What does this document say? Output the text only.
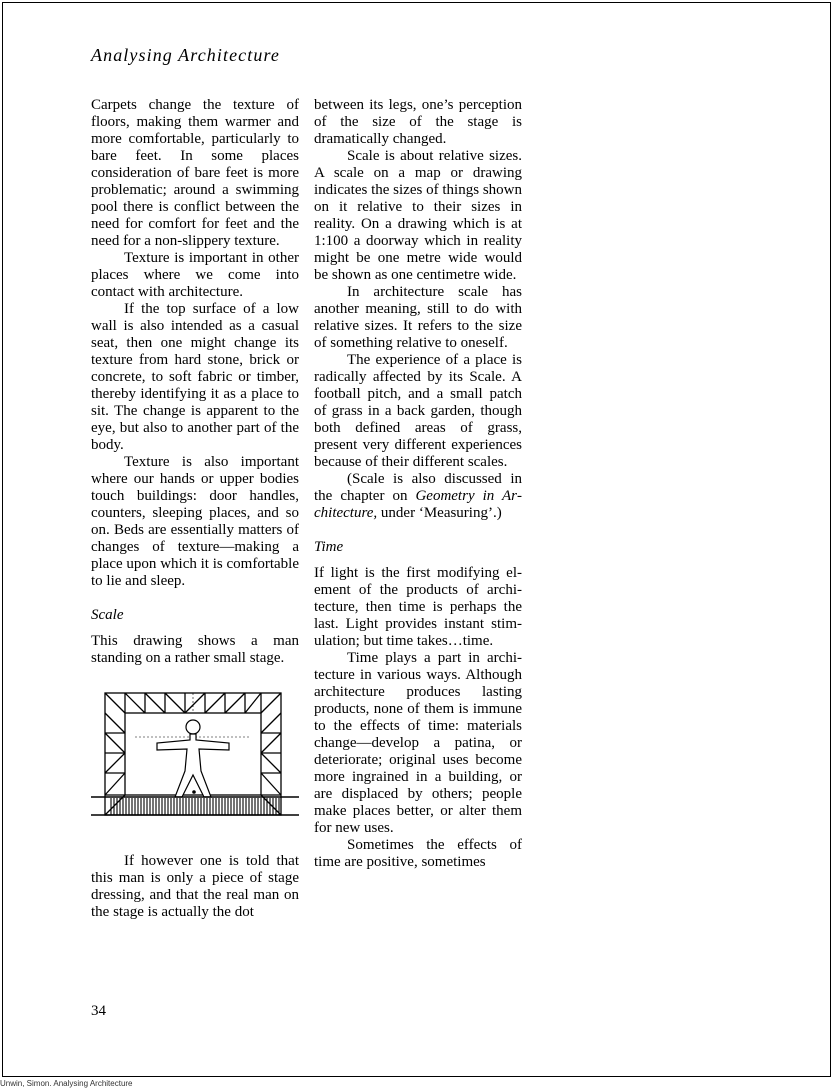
Analysing Architecture

Carpets change the texture of floors, making them warmer and more comfortable, particularly to bare feet. In some places consideration of bare feet is more problematic; around a swimming pool there is conflict between the need for comfort for feet and the need for a non-slippery texture.

Texture is important in other places where we come into contact with architecture.

If the top surface of a low wall is also intended as a casual seat, then one might change its texture from hard stone, brick or concrete, to soft fabric or timber, thereby identifying it as a place to sit. The change is apparent to the eye, but also to another part of the body.

Texture is also important where our hands or upper bodies touch buildings: door handles, counters, sleeping places, and so on. Beds are essentially matters of changes of texture—making a place upon which it is comfortable to lie and sleep.

Scale

This drawing shows a man standing on a rather small stage.

If however one is told that this man is only a piece of stage dressing, and that the real man on the stage is actually the dot

between its legs, one’s perception of the size of the stage is dramatically changed.

Scale is about relative sizes. A scale on a map or drawing indicates the sizes of things shown on it relative to their sizes in reality. On a drawing which is at 1:100 a doorway which in reality might be one metre wide would be shown as one centimetre wide.

In architecture scale has another meaning, still to do with relative sizes. It refers to the size of something relative to oneself.

The experience of a place is radically affected by its Scale. A football pitch, and a small patch of grass in a back garden, though both defined areas of grass, present very different experiences because of their different scales.

(Scale is also discussed in the chapter on Geometry in Architecture, under ‘Measuring’.)

Time

If light is the first modifying element of the products of architecture, then time is perhaps the last. Light provides instant stimulation; but time takes…time.

Time plays a part in architecture in various ways. Although architecture produces lasting products, none of them is immune to the effects of time: materials change—develop a patina, or deteriorate; original uses become more ingrained in a building, or are displaced by others; people make places better, or alter them for new uses.

Sometimes the effects of time are positive, sometimes

34
Unwin, Simon. Analysing Architecture
